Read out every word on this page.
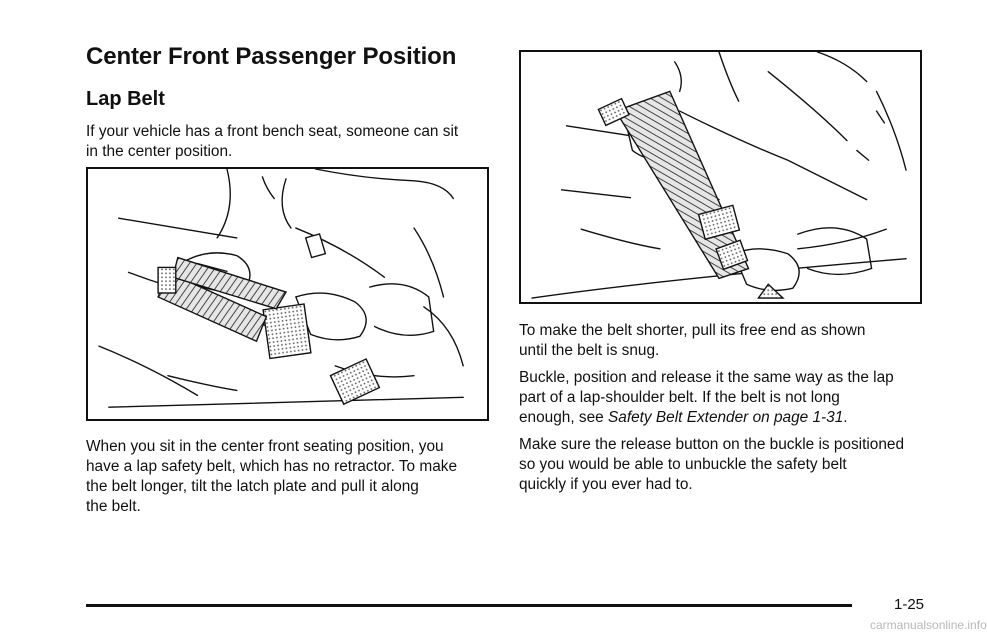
Center Front Passenger Position
Lap Belt

If your vehicle has a front bench seat, someone can sit

in the center position.

When you sit in the center front seating position, you

have a lap safety belt, which has no retractor. To make

the belt longer, tilt the latch plate and pull it along

the belt.

To make the belt shorter, pull its free end as shown

until the belt is snug.

Buckle, position and release it the same way as the lap

part of a lap-shoulder belt. If the belt is not long

enough, see Safety Belt Extender on page 1-31.

Make sure the release button on the buckle is positioned

so you would be able to unbuckle the safety belt

quickly if you ever had to.

1-25
carmanualsonline.info
